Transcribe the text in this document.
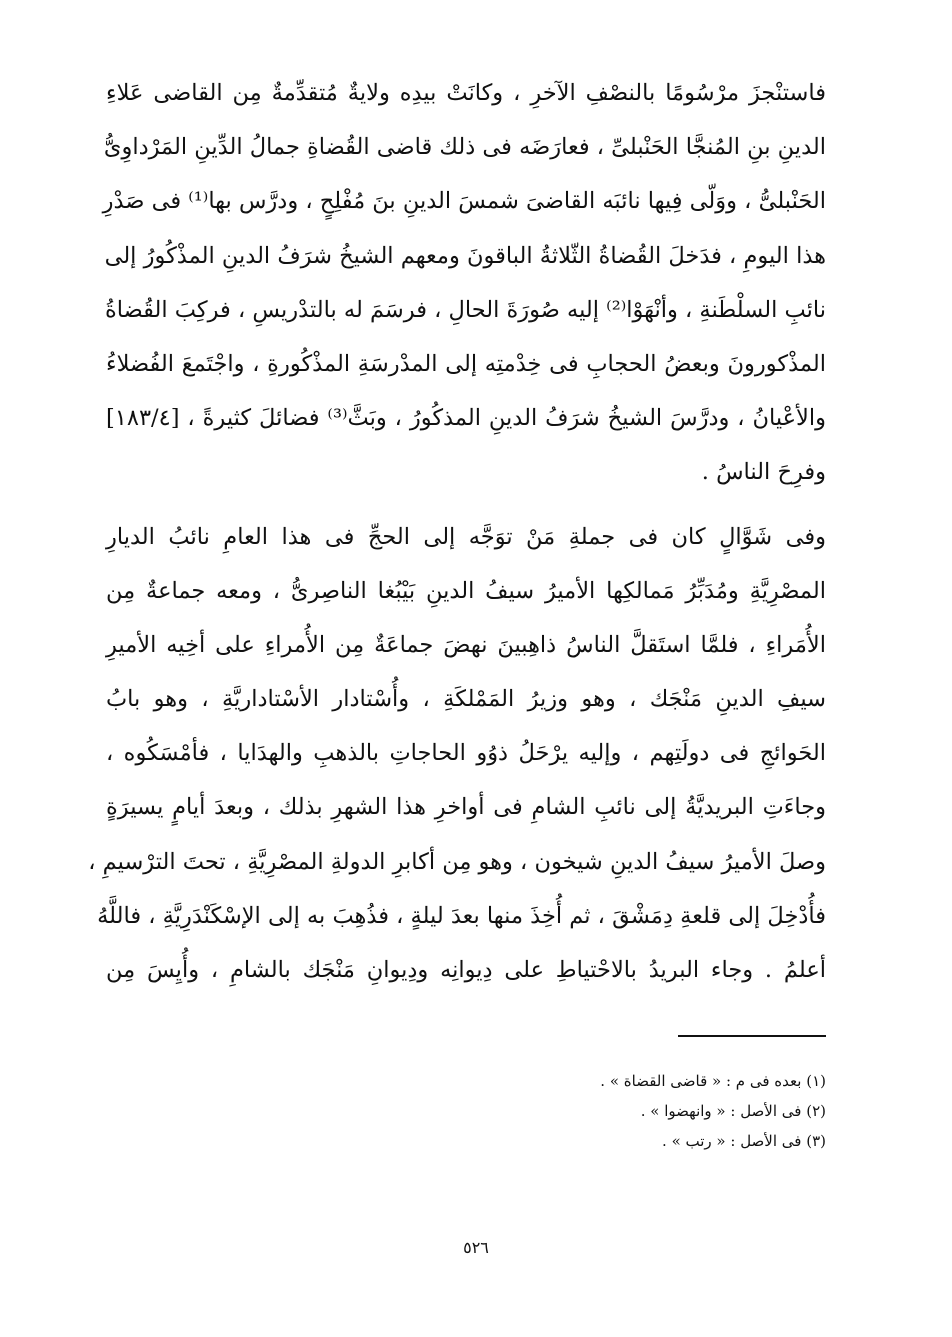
فاستنْجزَ مرْسُومًا بالنصْفِ الآخرِ ، وكانَتْ بيدِه ولايةٌ مُتقدِّمةٌ مِن القاضى عَلاءِ
الدينِ بنِ المُنجَّا الحَنْبلىِّ ، فعارَضَه فى ذلك قاضى القُضاةِ جمالُ الدِّينِ المَرْداوِىُّ
الحَنْبلىُّ ، ووَلّى فِيها نائبَه القاضىَ شمسَ الدينِ بنَ مُفْلِحٍ ، ودرَّس بها⁽¹⁾ فى صَدْرِ
هذا اليومِ ، فدَخلَ القُضاةُ الثّلاثةُ الباقونَ ومعهم الشيخُ شرَفُ الدينِ المذْكُورُ إلى
نائبِ السلْطَنةِ ، وأنْهَوْا⁽²⁾ إليه صُورَةَ الحالِ ، فرسَمَ له بالتدْريسِ ، فركِبَ القُضاةُ
المذْكورونَ وبعضُ الحجابِ فى خِدْمتِه إلى المدْرسَةِ المذْكُورةِ ، واجْتَمعَ الفُضلاءُ
والأعْيانُ ، ودرَّسَ الشيخُ شرَفُ الدينِ المذكُورُ ، وبَثَّ⁽³⁾ فضائلَ كثيرةً ، [١٨٣/٤]
وفرِحَ الناسُ .
وفى شَوَّالٍ كان فى جملةِ مَنْ توَجَّه إلى الحجِّ فى هذا العامِ نائبُ الديارِ
المصْرِيَّةِ ومُدَبِّرُ مَمالكِها الأميرُ سيفُ الدينِ بَيْبُغا الناصِرىُّ ، ومعه جماعةٌ مِن
الأُمَراءِ ، فلمَّا استَقلَّ الناسُ ذاهِبينَ نهضَ جماعَةٌ مِن الأُمراءِ على أخِيه الأميرِ
سيفِ الدينِ مَنْجَك ، وهو وزيرُ المَمْلكَةِ ، وأُسْتادار الأسْتاداريَّةِ ، وهو بابُ
الحَوائجِ فى دولَتِهم ، وإليه يرْحَلُ ذوُو الحاجاتِ بالذهبِ والهدَايا ، فأمْسَكُوه ،
وجاءَتِ البريديَّةُ إلى نائبِ الشامِ فى أواخرِ هذا الشهرِ بذلك ، وبعدَ أيامٍ يسيرَةٍ
وصلَ الأميرُ سيفُ الدينِ شيخون ، وهو مِن أكابرِ الدولةِ المصْرِيَّةِ ، تحتَ الترْسيمِ ،
فأُدْخِلَ إلى قلعةِ دِمَشْقَ ، ثم أُخِذَ منها بعدَ ليلةٍ ، فذُهِبَ به إلى الإسْكَنْدَرِيَّةِ ، فاللَّهُ
أعلمُ . وجاء البريدُ بالاحْتياطِ على دِيوانِه ودِيوانِ مَنْجَك بالشامِ ، وأُيِسَ مِن
(١) بعده فى م : « قاضى القضاة » .
(٢) فى الأصل : « وانهضوا » .
(٣) فى الأصل : « رتب » .
٥٢٦
